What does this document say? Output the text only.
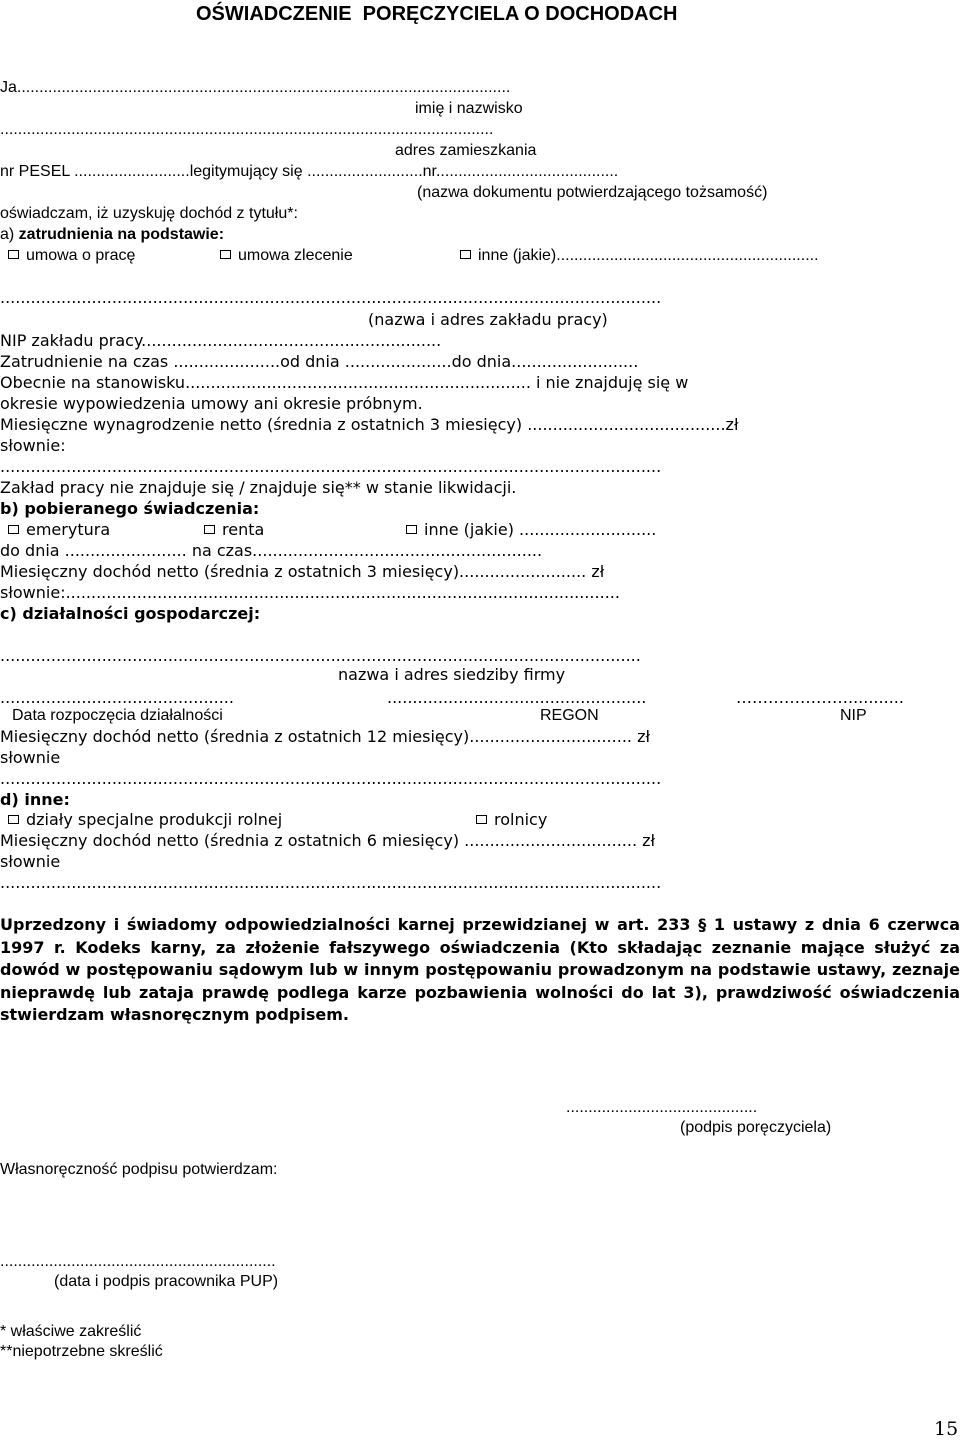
OŚWIADCZENIE  PORĘCZYCIELA O DOCHODACH
Ja...............................................................................................................
imię i nazwisko
...............................................................................................................
adres zamieszkania
nr PESEL ..........................legitymujący się ..........................nr.........................................
(nazwa dokumentu potwierdzającego tożsamość)
oświadczam, iż uzyskuję dochód z tytułu*:
a) zatrudnienia na podstawie:
umowa o pracę	umowa zlecenie	inne (jakie)...........................................................
..................................................................................................................................
(nazwa i adres zakładu pracy)
NIP zakładu pracy...........................................................
Zatrudnienie na czas .....................od dnia .....................do dnia.........................
Obecnie na stanowisku.................................................................... i nie znajduję się w
okresie wypowiedzenia umowy ani okresie próbnym.
Miesięczne wynagrodzenie netto (średnia z ostatnich 3 miesięcy) .......................................zł
słownie:
..................................................................................................................................
Zakład pracy nie znajduje się / znajduje się** w stanie likwidacji.
b) pobieranego świadczenia:
emerytura	renta	inne (jakie) ...........................
do dnia ........................ na czas.........................................................
Miesięczny dochód netto (średnia z ostatnich 3 miesięcy)......................... zł
słownie:.............................................................................................................
c) działalności gospodarczej:
..............................................................................................................................
nazwa i adres siedziby firmy
..............................................	...................................................	…………………...........
Data rozpoczęcia działalności	REGON	NIP
Miesięczny dochód netto (średnia z ostatnich 12 miesięcy)................................ zł
słownie
..................................................................................................................................
d) inne:
działy specjalne produkcji rolnej	rolnicy
Miesięczny dochód netto (średnia z ostatnich 6 miesięcy) .................................. zł
słownie
..................................................................................................................................
Uprzedzony i świadomy odpowiedzialności karnej przewidzianej w art. 233 § 1 ustawy z dnia 6 czerwca 1997 r. Kodeks karny, za złożenie fałszywego oświadczenia (Kto składając zeznanie mające służyć za dowód w postępowaniu sądowym lub w innym postępowaniu prowadzonym na podstawie ustawy, zeznaje nieprawdę lub zataja prawdę podlega karze pozbawienia wolności do lat 3), prawdziwość oświadczenia stwierdzam własnoręcznym podpisem.
...........................................
(podpis poręczyciela)
Własnoręczność podpisu potwierdzam:
..............................................................
(data i podpis pracownika PUP)
* właściwe zakreślić
**niepotrzebne skreślić
15
